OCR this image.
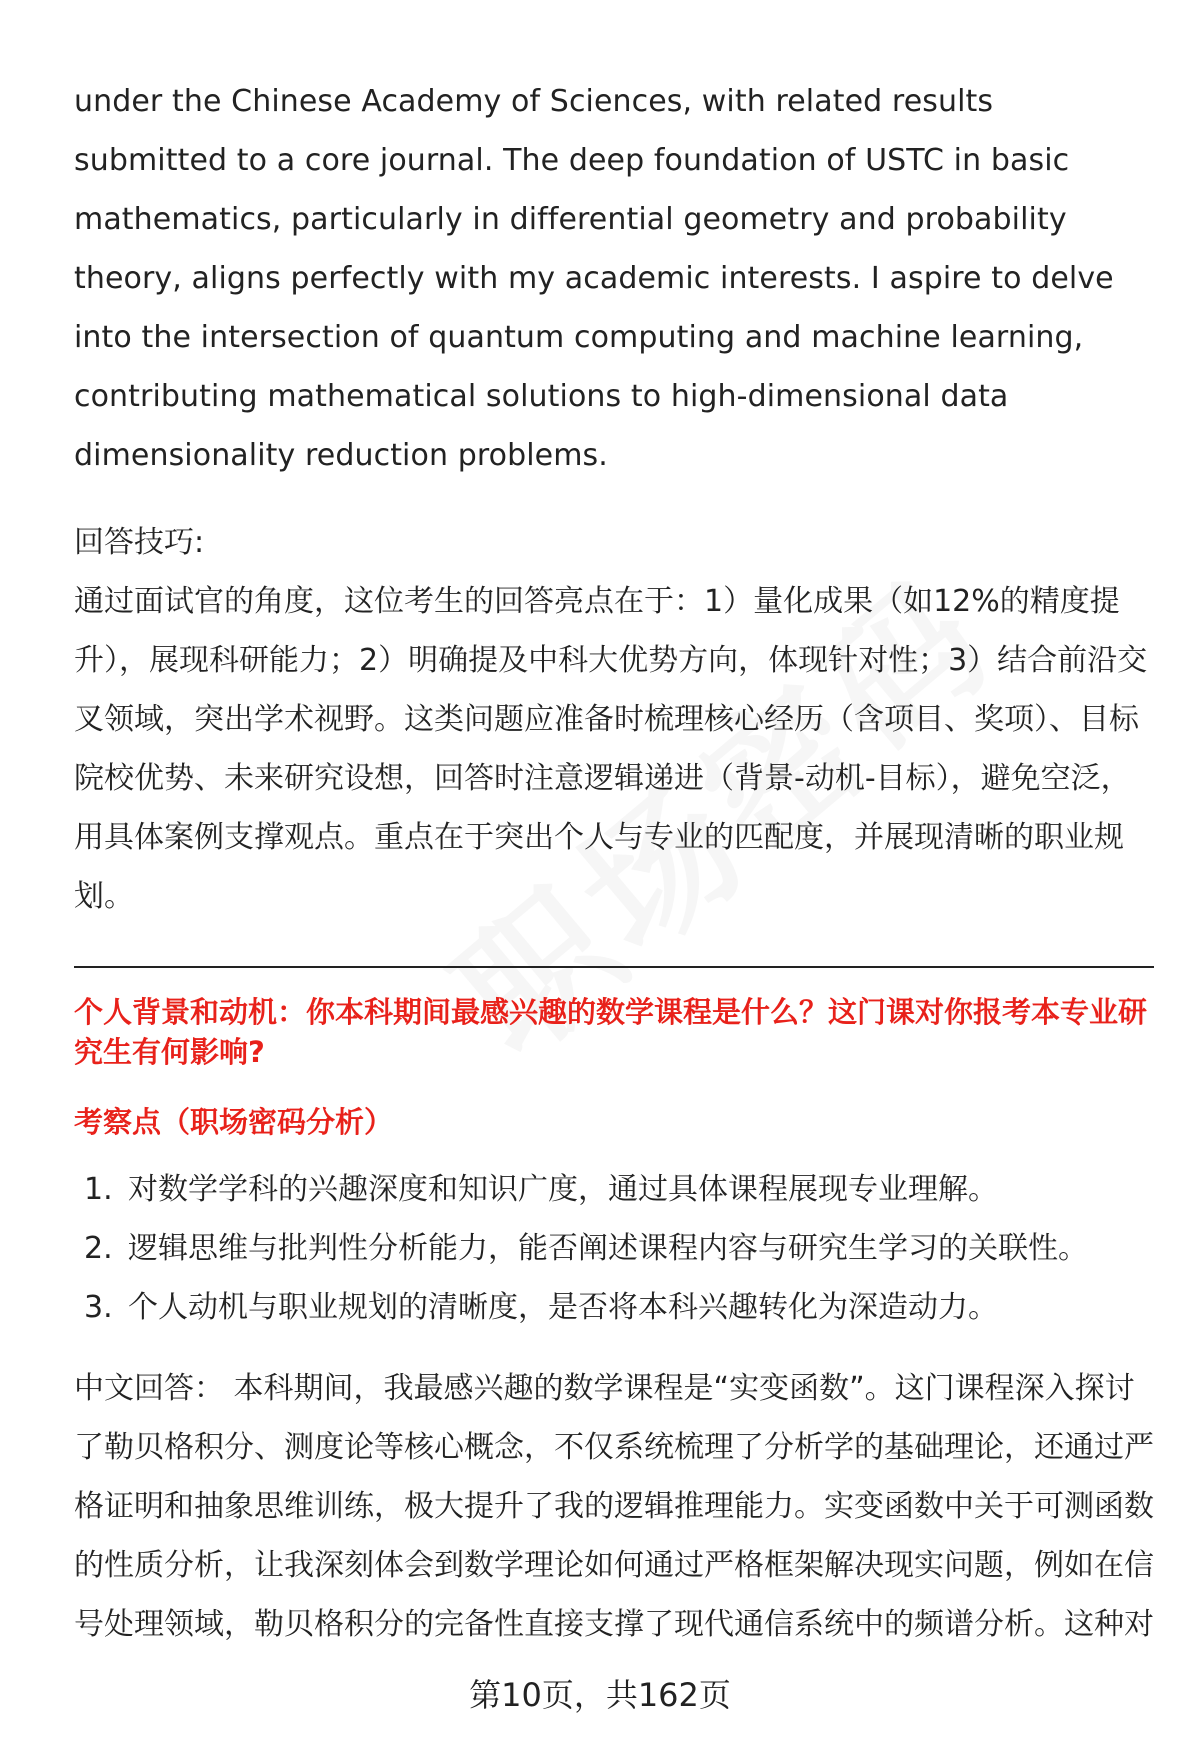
under the Chinese Academy of Sciences, with related results submitted to a core journal. The deep foundation of USTC in basic mathematics, particularly in differential geometry and probability theory, aligns perfectly with my academic interests. I aspire to delve into the intersection of quantum computing and machine learning, contributing mathematical solutions to high-dimensional data dimensionality reduction problems.

回答技巧:

通过面试官的角度，这位考生的回答亮点在于：1）量化成果（如12%的精度提升），展现科研能力；2）明确提及中科大优势方向，体现针对性；3）结合前沿交叉领域，突出学术视野。这类问题应准备时梳理核心经历（含项目、奖项）、目标院校优势、未来研究设想，回答时注意逻辑递进（背景-动机-目标），避免空泛，用具体案例支撑观点。重点在于突出个人与专业的匹配度，并展现清晰的职业规划。

个人背景和动机：你本科期间最感兴趣的数学课程是什么？这门课对你报考本专业研究生有何影响?

考察点（职场密码分析）

1. 对数学学科的兴趣深度和知识广度，通过具体课程展现专业理解。
2. 逻辑思维与批判性分析能力，能否阐述课程内容与研究生学习的关联性。
3. 个人动机与职业规划的清晰度，是否将本科兴趣转化为深造动力。

中文回答： 本科期间，我最感兴趣的数学课程是“实变函数”。这门课程深入探讨了勒贝格积分、测度论等核心概念，不仅系统梳理了分析学的基础理论，还通过严格证明和抽象思维训练，极大提升了我的逻辑推理能力。实变函数中关于可测函数的性质分析，让我深刻体会到数学理论如何通过严格框架解决现实问题，例如在信号处理领域，勒贝格积分的完备性直接支撑了现代通信系统中的频谱分析。这种对

第10页，共162页
